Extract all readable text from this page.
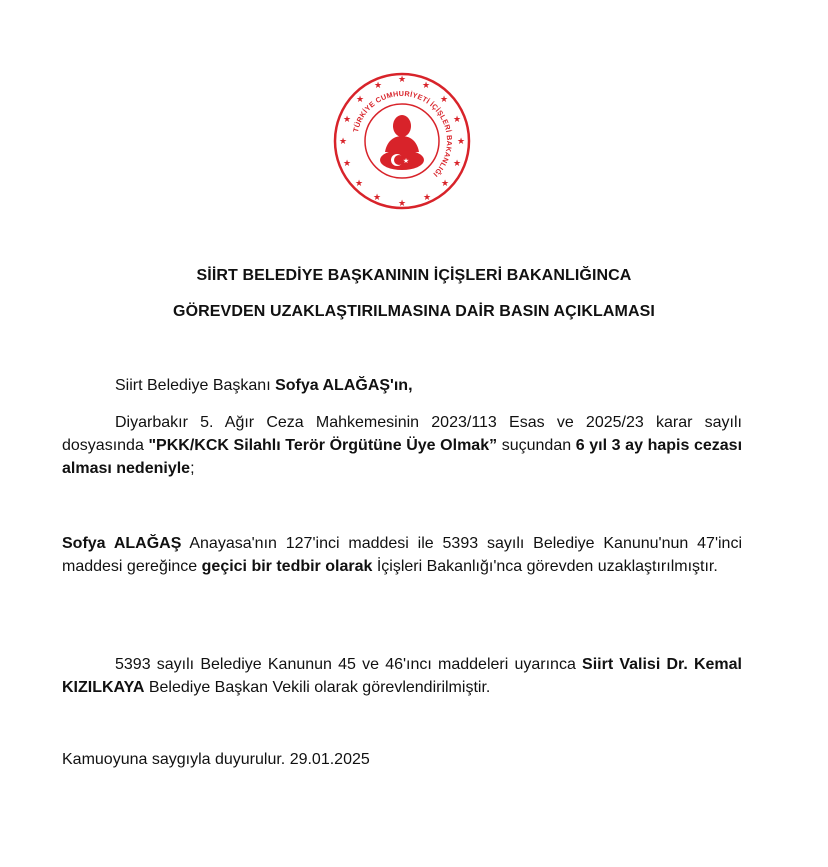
★
★
★
★
★
★
★
★
★
★
★
★
★
★
★
★
TÜRKİYE CUMHURİYETİ İÇİŞLERİ BAKANLIĞI
★
SİİRT BELEDİYE BAŞKANININ İÇİŞLERİ BAKANLIĞINCA
GÖREVDEN UZAKLAŞTIRILMASINA DAİR BASIN AÇIKLAMASI
Siirt Belediye Başkanı Sofya ALAĞAŞ'ın,
Diyarbakır 5. Ağır Ceza Mahkemesinin 2023/113 Esas ve 2025/23 karar sayılı dosyasında "PKK/KCK Silahlı Terör Örgütüne Üye Olmak” suçundan 6 yıl 3 ay hapis cezası alması nedeniyle;
Sofya ALAĞAŞ Anayasa'nın 127'inci maddesi ile 5393 sayılı Belediye Kanunu'nun 47'inci maddesi gereğince geçici bir tedbir olarak İçişleri Bakanlığı'nca görevden uzaklaştırılmıştır.
5393 sayılı Belediye Kanunun 45 ve 46'ıncı maddeleri uyarınca Siirt Valisi Dr. Kemal KIZILKAYA Belediye Başkan Vekili olarak görevlendirilmiştir.
Kamuoyuna saygıyla duyurulur. 29.01.2025
